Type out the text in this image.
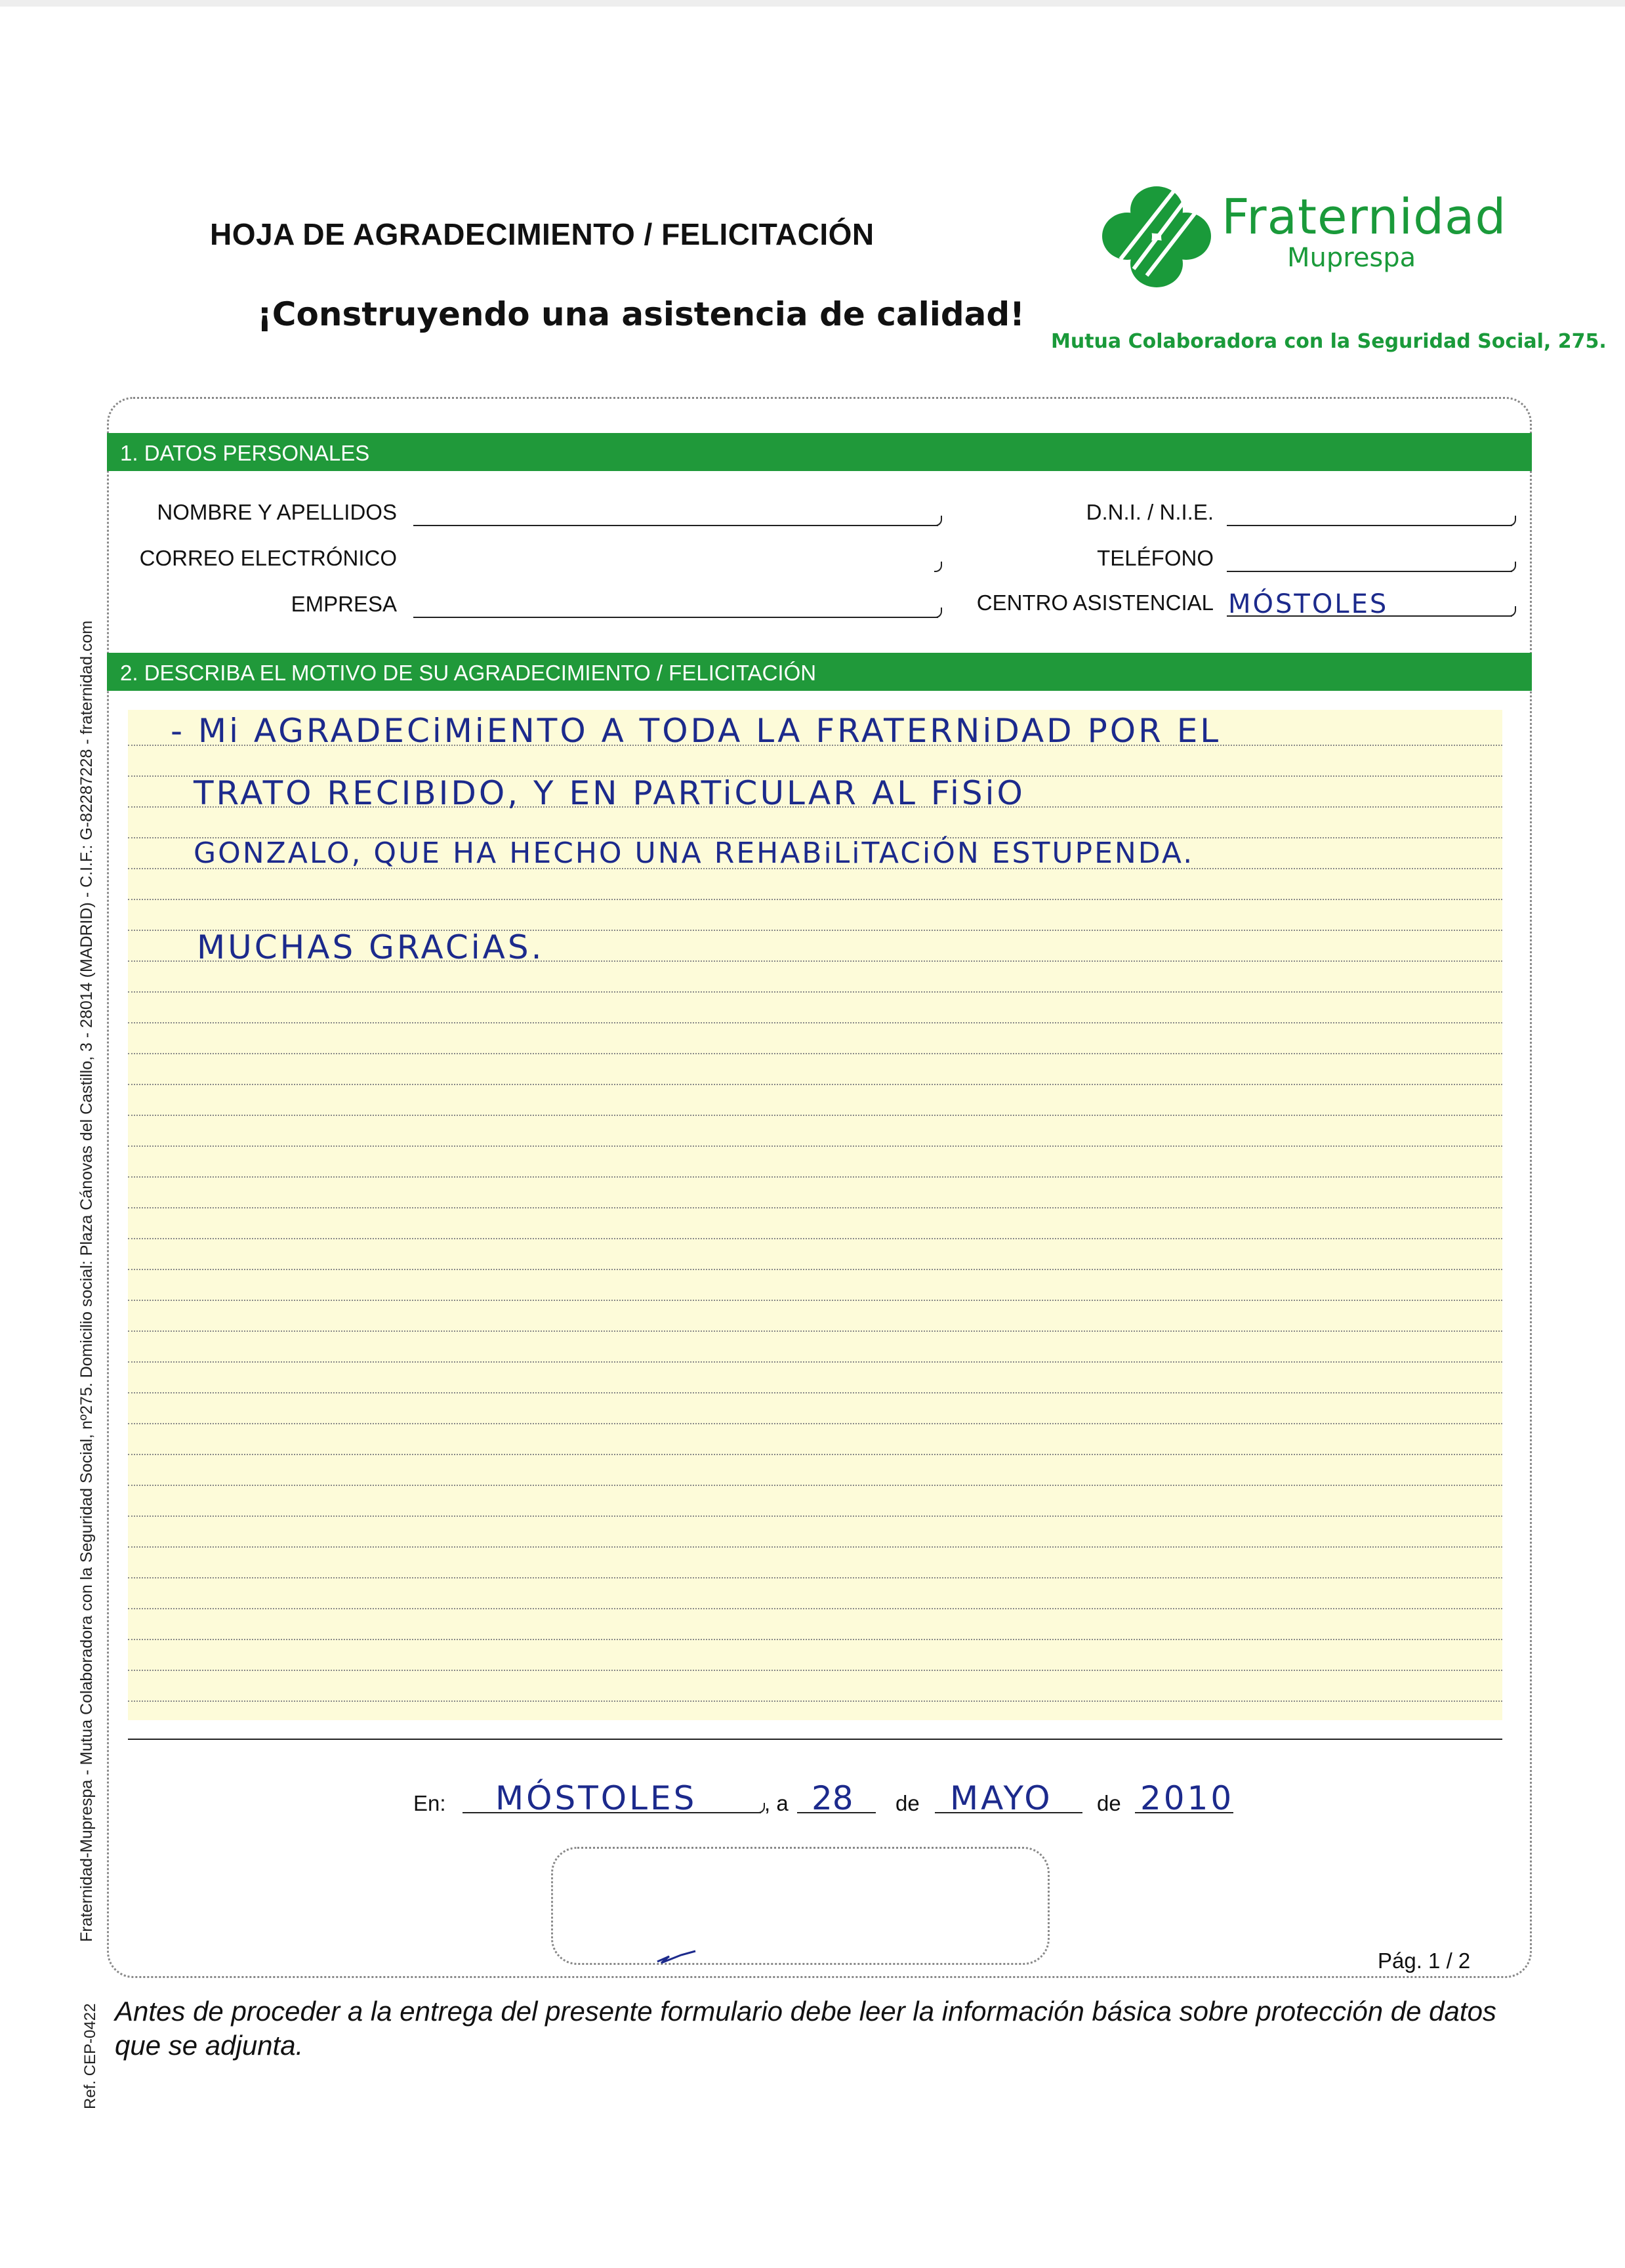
HOJA DE AGRADECIMIENTO / FELICITACIÓN
¡Construyendo una asistencia de calidad!
Fraternidad
Muprespa
Mutua Colaboradora con la Seguridad Social, 275.
Fraternidad-Muprespa - Mutua Colaboradora con la Seguridad Social, nº275. Domicilio social: Plaza Cánovas del Castillo, 3 - 28014 (MADRID) - C.I.F.: G-82287228 - fraternidad.com
Ref. CEP-0422
1. DATOS PERSONALES
NOMBRE Y APELLIDOS
CORREO ELECTRÓNICO
EMPRESA
D.N.I. / N.I.E.
TELÉFONO
CENTRO ASISTENCIAL MÓSTOLES
2. DESCRIBA EL MOTIVO DE SU AGRADECIMIENTO / FELICITACIÓN
- Mi AGRADECiMiENTO A TODA LA FRATERNiDAD POR EL
TRATO RECIBIDO, Y EN PARTiCULAR AL FiSiO
GONZALO, QUE HA HECHO UNA REHABiLiTACiÓN ESTUPENDA.
MUCHAS GRACiAS.
En: MÓSTOLES	, a 28 de MAYO de 2010
Pág. 1 / 2
Antes de proceder a la entrega del presente formulario debe leer la información básica sobre protección de datos que se adjunta.
